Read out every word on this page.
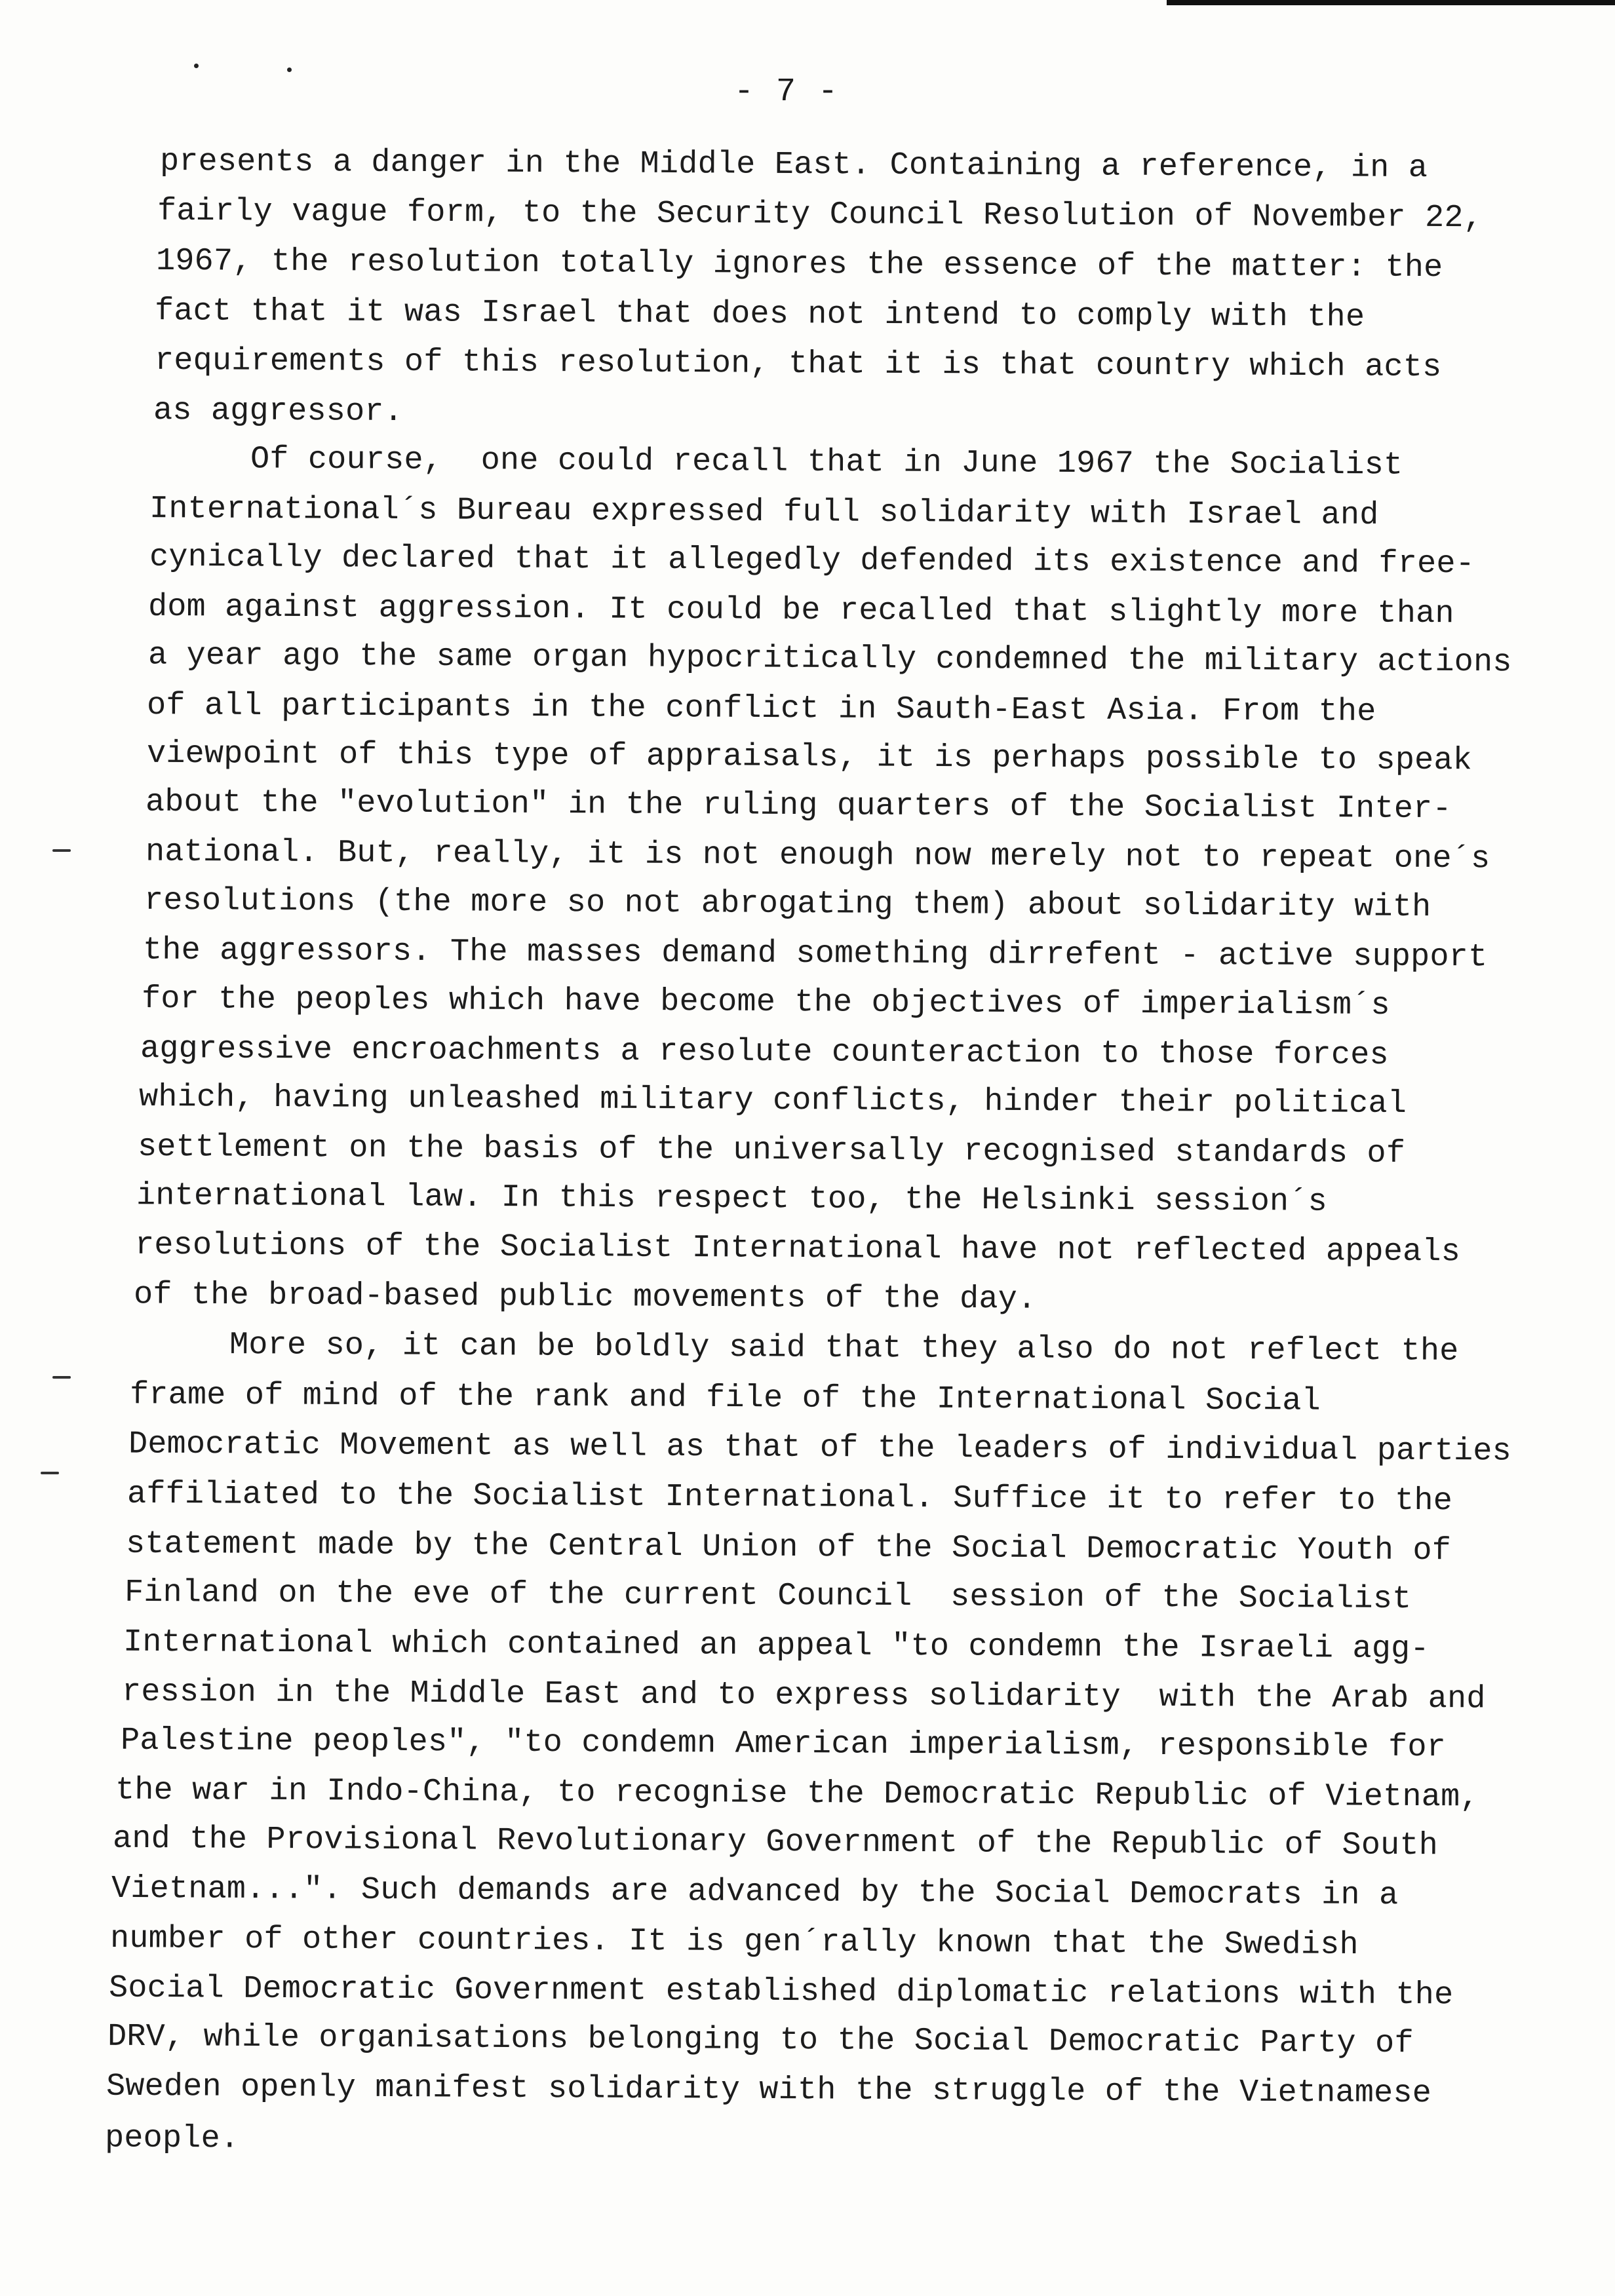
- 7 -
presents a danger in the Middle East. Containing a reference, in a
fairly vague form, to the Security Council Resolution of November 22,
1967, the resolution totally ignores the essence of the matter: the
fact that it was Israel that does not intend to comply with the
requirements of this resolution, that it is that country which acts
as aggressor.
Of course,  one could recall that in June 1967 the Socialist
International´s Bureau expressed full solidarity with Israel and
cynically declared that it allegedly defended its existence and free-
dom against aggression. It could be recalled that slightly more than
a year ago the same organ hypocritically condemned the military actions
of all participants in the conflict in Sauth-East Asia. From the
viewpoint of this type of appraisals, it is perhaps possible to speak
about the "evolution" in the ruling quarters of the Socialist Inter-
national. But, really, it is not enough now merely not to repeat one´s
resolutions (the more so not abrogating them) about solidarity with
the aggressors. The masses demand something dirrefent - active support
for the peoples which have become the objectives of imperialism´s
aggressive encroachments a resolute counteraction to those forces
which, having unleashed military conflicts, hinder their political
settlement on the basis of the universally recognised standards of
international law. In this respect too, the Helsinki session´s
resolutions of the Socialist International have not reflected appeals
of the broad-based public movements of the day.
More so, it can be boldly said that they also do not reflect the
frame of mind of the rank and file of the International Social
Democratic Movement as well as that of the leaders of individual parties
affiliated to the Socialist International. Suffice it to refer to the
statement made by the Central Union of the Social Democratic Youth of
Finland on the eve of the current Council  session of the Socialist
International which contained an appeal "to condemn the Israeli agg-
ression in the Middle East and to express solidarity  with the Arab and
Palestine peoples", "to condemn American imperialism, responsible for
the war in Indo-China, to recognise the Democratic Republic of Vietnam,
and the Provisional Revolutionary Government of the Republic of South
Vietnam...". Such demands are advanced by the Social Democrats in a
number of other countries. It is gen´rally known that the Swedish
Social Democratic Government established diplomatic relations with the
DRV, while organisations belonging to the Social Democratic Party of
Sweden openly manifest solidarity with the struggle of the Vietnamese
people.
